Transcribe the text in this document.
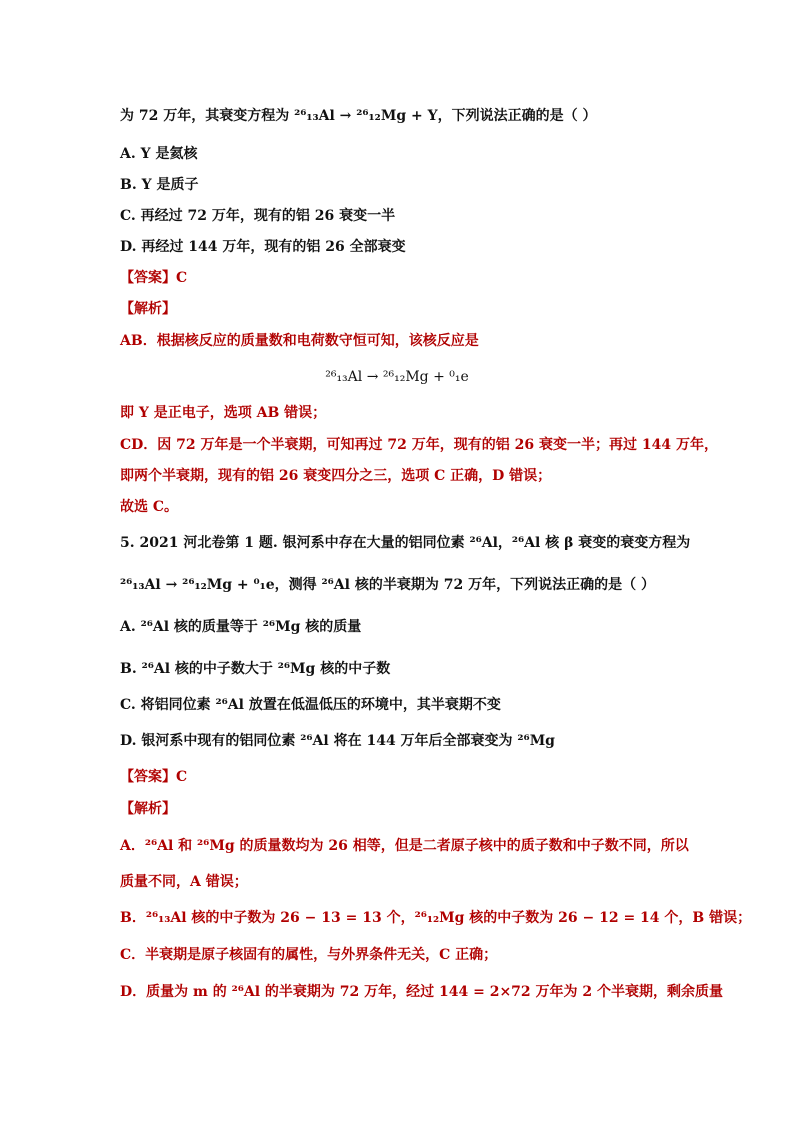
为 72 万年，其衰变方程为 ²⁶₁₃Al → ²⁶₁₂Mg + Y，下列说法正确的是（ ）

A. Y 是氦核

B. Y 是质子

C. 再经过 72 万年，现有的铝 26 衰变一半

D. 再经过 144 万年，现有的铝 26 全部衰变

【答案】C

【解析】

AB．根据核反应的质量数和电荷数守恒可知，该核反应是

²⁶₁₃Al → ²⁶₁₂Mg + ⁰₁e

即 Y 是正电子，选项 AB 错误；

CD．因 72 万年是一个半衰期，可知再过 72 万年，现有的铝 26 衰变一半；再过 144 万年，

即两个半衰期，现有的铝 26 衰变四分之三，选项 C 正确，D 错误；

故选 C。

5. 2021 河北卷第 1 题. 银河系中存在大量的铝同位素 ²⁶Al，²⁶Al 核 β 衰变的衰变方程为

²⁶₁₃Al → ²⁶₁₂Mg + ⁰₁e，测得 ²⁶Al 核的半衰期为 72 万年，下列说法正确的是（ ）

A. ²⁶Al 核的质量等于 ²⁶Mg 核的质量

B. ²⁶Al 核的中子数大于 ²⁶Mg 核的中子数

C. 将铝同位素 ²⁶Al 放置在低温低压的环境中，其半衰期不变

D. 银河系中现有的铝同位素 ²⁶Al 将在 144 万年后全部衰变为 ²⁶Mg

【答案】C

【解析】

A．²⁶Al 和 ²⁶Mg 的质量数均为 26 相等，但是二者原子核中的质子数和中子数不同，所以

质量不同，A 错误；

B．²⁶₁₃Al 核的中子数为 26 − 13 = 13 个，²⁶₁₂Mg 核的中子数为 26 − 12 = 14 个，B 错误；

C．半衰期是原子核固有的属性，与外界条件无关，C 正确；

D．质量为 m 的 ²⁶Al 的半衰期为 72 万年，经过 144 = 2×72 万年为 2 个半衰期，剩余质量
